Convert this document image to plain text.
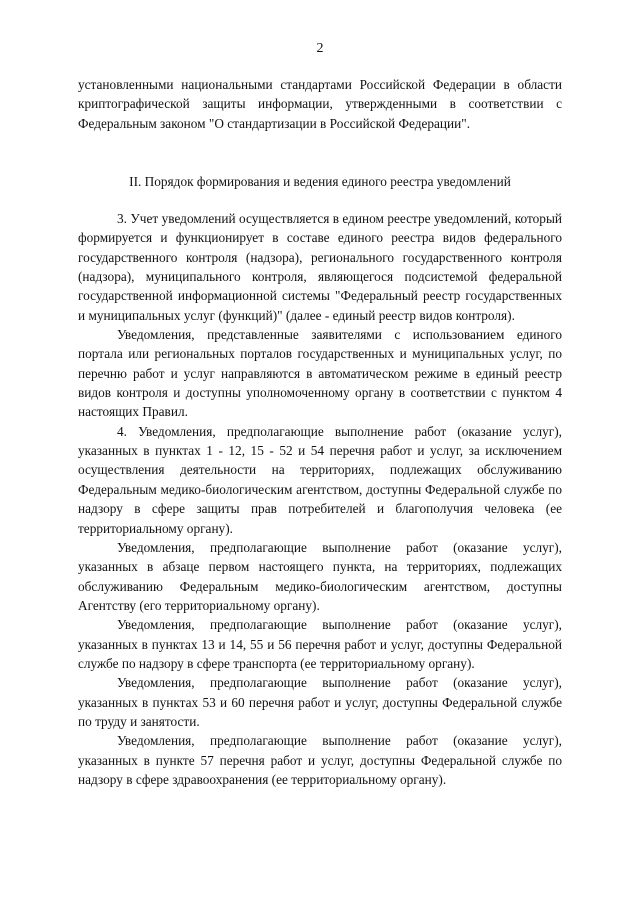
2

установленными национальными стандартами Российской Федерации в области криптографической защиты информации, утвержденными в соответствии с Федеральным законом "О стандартизации в Российской Федерации".

II. Порядок формирования и ведения единого реестра уведомлений

3. Учет уведомлений осуществляется в едином реестре уведомлений, который формируется и функционирует в составе единого реестра видов федерального государственного контроля (надзора), регионального государственного контроля (надзора), муниципального контроля, являющегося подсистемой федеральной государственной информационной системы "Федеральный реестр государственных и муниципальных услуг (функций)" (далее - единый реестр видов контроля).

Уведомления, представленные заявителями с использованием единого портала или региональных порталов государственных и муниципальных услуг, по перечню работ и услуг направляются в автоматическом режиме в единый реестр видов контроля и доступны уполномоченному органу в соответствии с пунктом 4 настоящих Правил.

4. Уведомления, предполагающие выполнение работ (оказание услуг), указанных в пунктах 1 - 12, 15 - 52 и 54 перечня работ и услуг, за исключением осуществления деятельности на территориях, подлежащих обслуживанию Федеральным медико-биологическим агентством, доступны Федеральной службе по надзору в сфере защиты прав потребителей и благополучия человека (ее территориальному органу).

Уведомления, предполагающие выполнение работ (оказание услуг), указанных в абзаце первом настоящего пункта, на территориях, подлежащих обслуживанию Федеральным медико-биологическим агентством, доступны Агентству (его территориальному органу).

Уведомления, предполагающие выполнение работ (оказание услуг), указанных в пунктах 13 и 14, 55 и 56 перечня работ и услуг, доступны Федеральной службе по надзору в сфере транспорта (ее территориальному органу).

Уведомления, предполагающие выполнение работ (оказание услуг), указанных в пунктах 53 и 60 перечня работ и услуг, доступны Федеральной службе по труду и занятости.

Уведомления, предполагающие выполнение работ (оказание услуг), указанных в пункте 57 перечня работ и услуг, доступны Федеральной службе по надзору в сфере здравоохранения (ее территориальному органу).
